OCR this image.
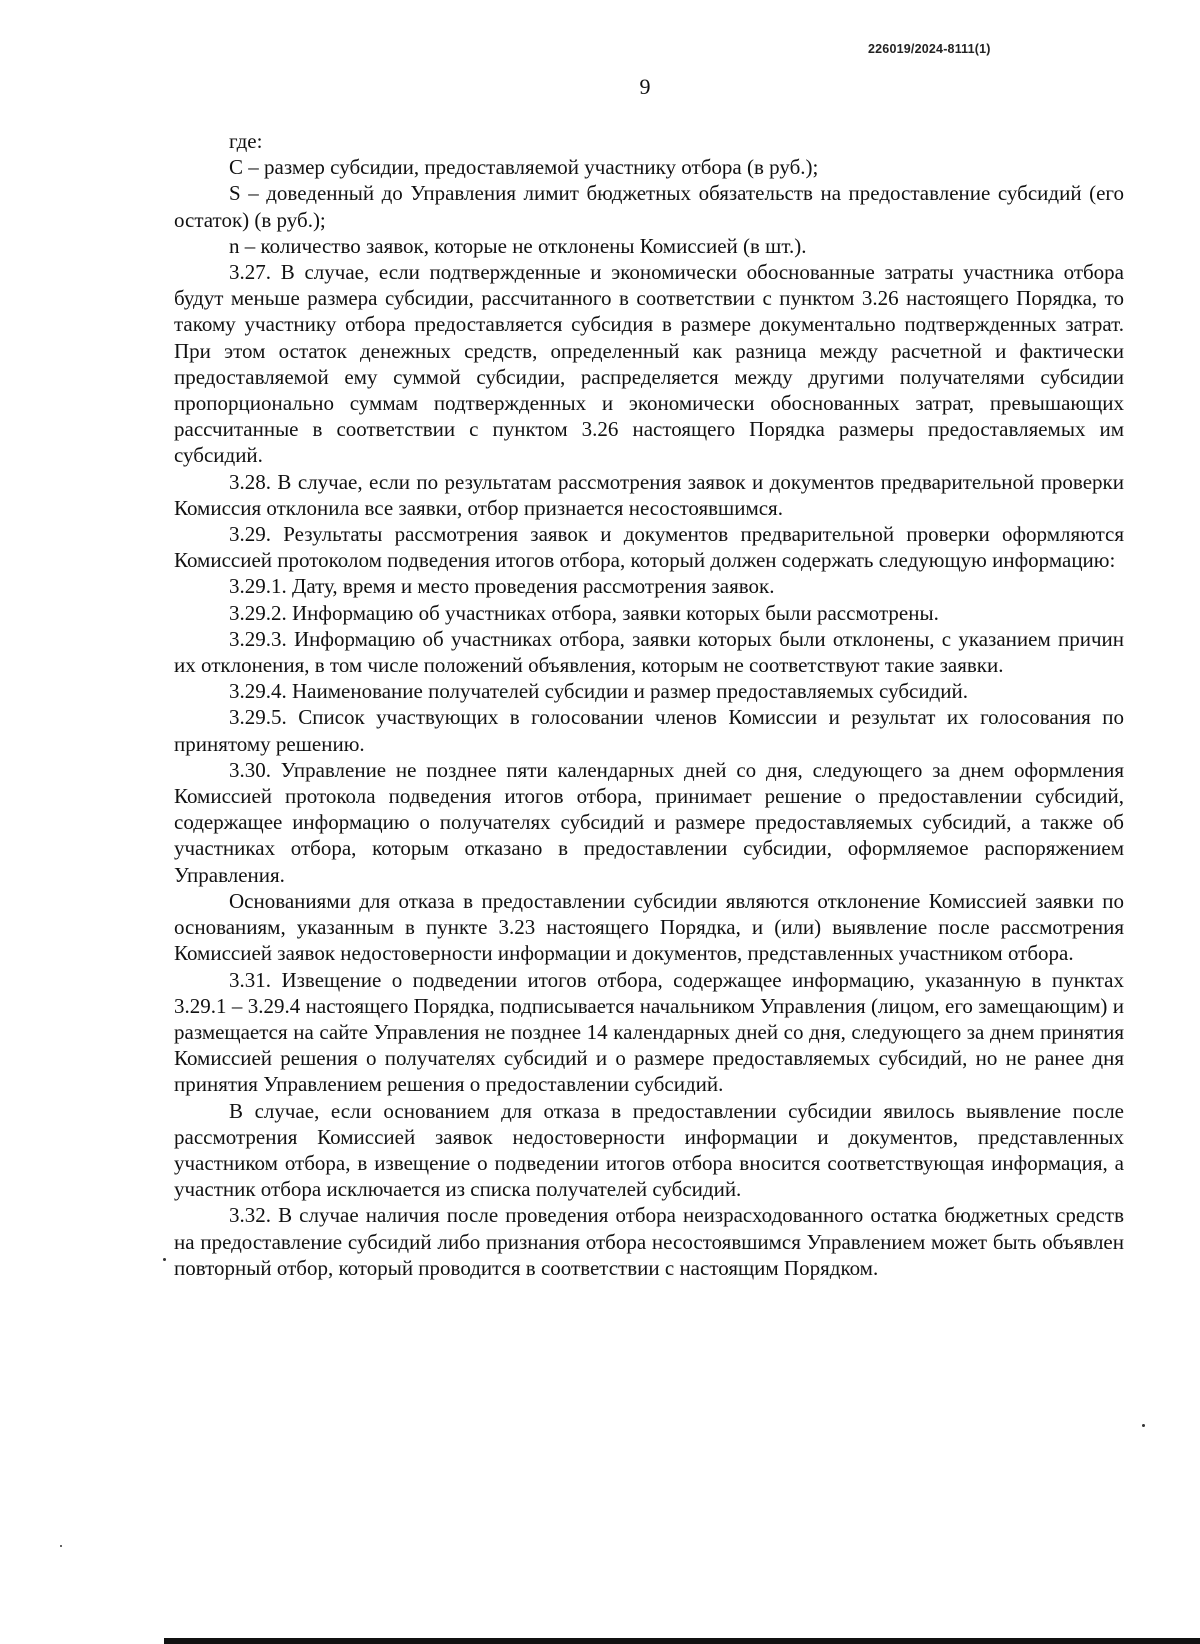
226019/2024-8111(1)
9

где:

С – размер субсидии, предоставляемой участнику отбора (в руб.);

S – доведенный до Управления лимит бюджетных обязательств на предоставление субсидий (его остаток) (в руб.);

n – количество заявок, которые не отклонены Комиссией (в шт.).

3.27. В случае, если подтвержденные и экономически обоснованные затраты участника отбора будут меньше размера субсидии, рассчитанного в соответствии с пунктом 3.26 настоящего Порядка, то такому участнику отбора предоставляется субсидия в размере документально подтвержденных затрат. При этом остаток денежных средств, определенный как разница между расчетной и фактически предоставляемой ему суммой субсидии, распределяется между другими получателями субсидии пропорционально суммам подтвержденных и экономически обоснованных затрат, превышающих рассчитанные в соответствии с пунктом 3.26 настоящего Порядка размеры предоставляемых им субсидий.

3.28. В случае, если по результатам рассмотрения заявок и документов предварительной проверки Комиссия отклонила все заявки, отбор признается несостоявшимся.

3.29. Результаты рассмотрения заявок и документов предварительной проверки оформляются Комиссией протоколом подведения итогов отбора, который должен содержать следующую информацию:

3.29.1. Дату, время и место проведения рассмотрения заявок.

3.29.2. Информацию об участниках отбора, заявки которых были рассмотрены.

3.29.3. Информацию об участниках отбора, заявки которых были отклонены, с указанием причин их отклонения, в том числе положений объявления, которым не соответствуют такие заявки.

3.29.4. Наименование получателей субсидии и размер предоставляемых субсидий.

3.29.5. Список участвующих в голосовании членов Комиссии и результат их голосования по принятому решению.

3.30. Управление не позднее пяти календарных дней со дня, следующего за днем оформления Комиссией протокола подведения итогов отбора, принимает решение о предоставлении субсидий, содержащее информацию о получателях субсидий и размере предоставляемых субсидий, а также об участниках отбора, которым отказано в предоставлении субсидии, оформляемое распоряжением Управления.

Основаниями для отказа в предоставлении субсидии являются отклонение Комиссией заявки по основаниям, указанным в пункте 3.23 настоящего Порядка, и (или) выявление после рассмотрения Комиссией заявок недостоверности информации и документов, представленных участником отбора.

3.31. Извещение о подведении итогов отбора, содержащее информацию, указанную в пунктах 3.29.1 – 3.29.4 настоящего Порядка, подписывается начальником Управления (лицом, его замещающим) и размещается на сайте Управления не позднее 14 календарных дней со дня, следующего за днем принятия Комиссией решения о получателях субсидий и о размере предоставляемых субсидий, но не ранее дня принятия Управлением решения о предоставлении субсидий.

В случае, если основанием для отказа в предоставлении субсидии явилось выявление после рассмотрения Комиссией заявок недостоверности информации и документов, представленных участником отбора, в извещение о подведении итогов отбора вносится соответствующая информация, а участник отбора исключается из списка получателей субсидий.

3.32. В случае наличия после проведения отбора неизрасходованного остатка бюджетных средств на предоставление субсидий либо признания отбора несостоявшимся Управлением может быть объявлен повторный отбор, который проводится в соответствии с настоящим Порядком.
